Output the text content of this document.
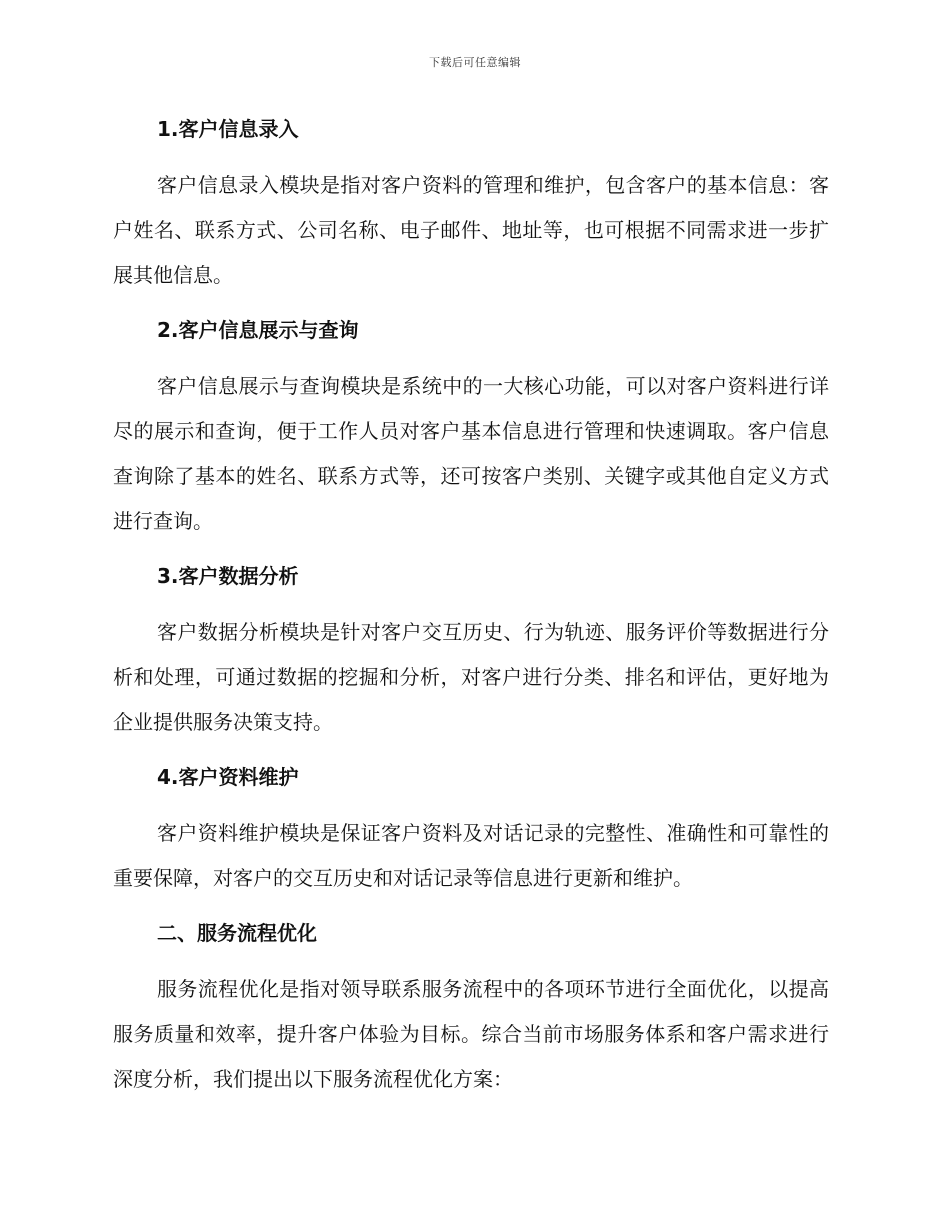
下载后可任意编辑
1.客户信息录入

客户信息录入模块是指对客户资料的管理和维护，包含客户的基本信息：客户姓名、联系方式、公司名称、电子邮件、地址等，也可根据不同需求进一步扩展其他信息。

2.客户信息展示与查询

客户信息展示与查询模块是系统中的一大核心功能，可以对客户资料进行详尽的展示和查询，便于工作人员对客户基本信息进行管理和快速调取。客户信息查询除了基本的姓名、联系方式等，还可按客户类别、关键字或其他自定义方式进行查询。

3.客户数据分析

客户数据分析模块是针对客户交互历史、行为轨迹、服务评价等数据进行分析和处理，可通过数据的挖掘和分析，对客户进行分类、排名和评估，更好地为企业提供服务决策支持。

4.客户资料维护

客户资料维护模块是保证客户资料及对话记录的完整性、准确性和可靠性的重要保障，对客户的交互历史和对话记录等信息进行更新和维护。

二、服务流程优化

服务流程优化是指对领导联系服务流程中的各项环节进行全面优化，以提高服务质量和效率，提升客户体验为目标。综合当前市场服务体系和客户需求进行深度分析，我们提出以下服务流程优化方案：
